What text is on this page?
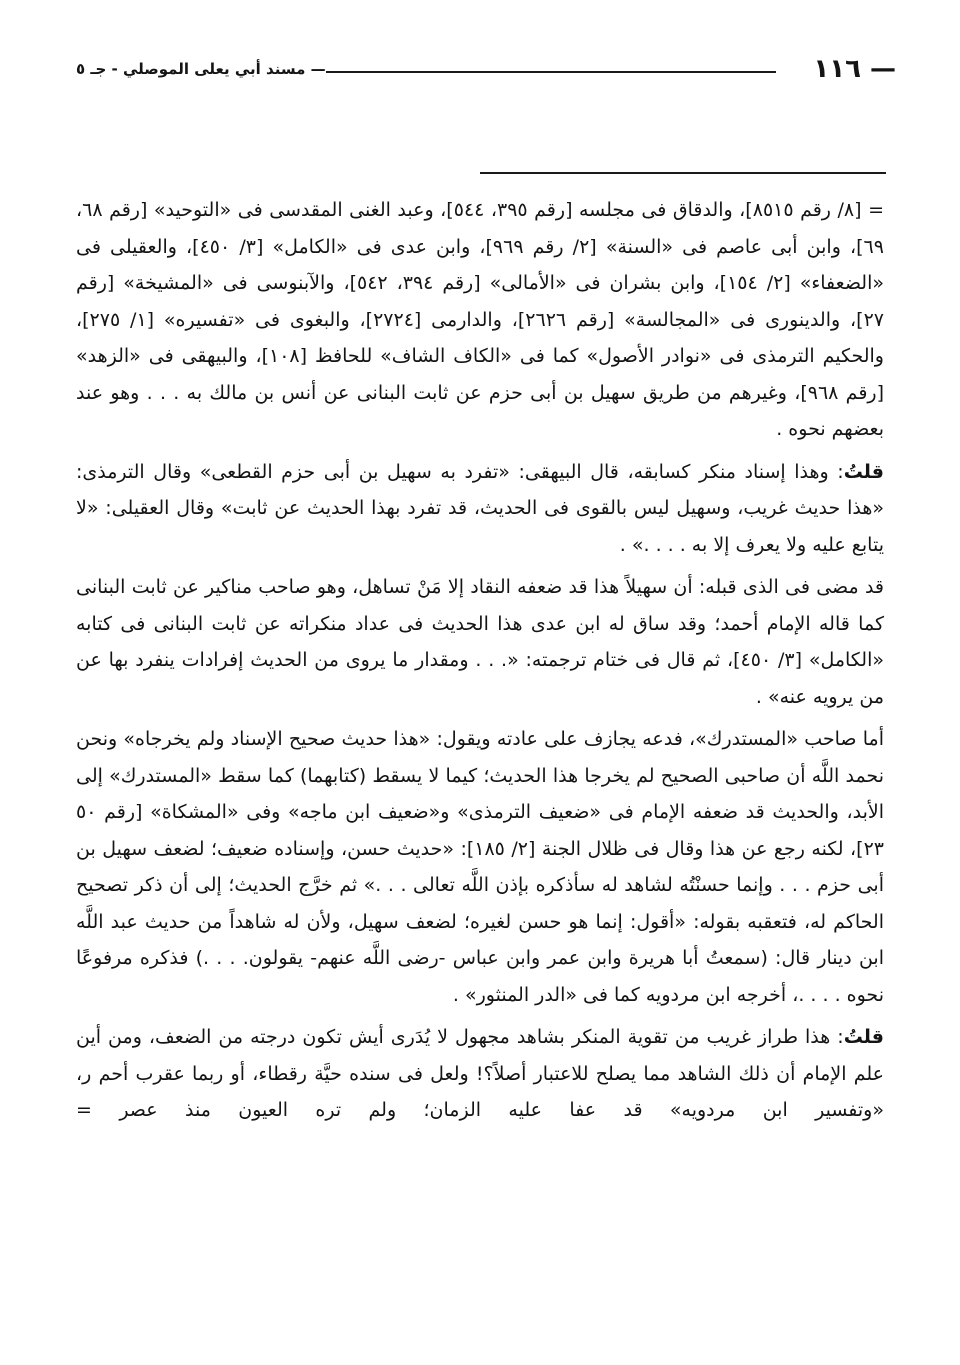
مسند أبي يعلى الموصلي - جـ ٥ —	١١٦ —

= [٨/ رقم ٨٥١٥]، والدقاق فى مجلسه [رقم ٣٩٥، ٥٤٤]، وعبد الغنى المقدسى فى «التوحيد» [رقم ٦٨، ٦٩]، وابن أبى عاصم فى «السنة» [٢/ رقم ٩٦٩]، وابن عدى فى «الكامل» [٣/ ٤٥٠]، والعقيلى فى «الضعفاء» [٢/ ١٥٤]، وابن بشران فى «الأمالى» [رقم ٣٩٤، ٥٤٢]، والآبنوسى فى «المشيخة» [رقم ٢٧]، والدينورى فى «المجالسة» [رقم ٢٦٢٦]، والدارمى [٢٧٢٤]، والبغوى فى «تفسيره» [١/ ٢٧٥]، والحكيم الترمذى فى «نوادر الأصول» كما فى «الكاف الشاف» للحافظ [١٠٨]، والبيهقى فى «الزهد» [رقم ٩٦٨]، وغيرهم من طريق سهيل بن أبى حزم عن ثابت البنانى عن أنس بن مالك به . . . وهو عند بعضهم نحوه .

قلتُ: وهذا إسناد منكر كسابقه، قال البيهقى: «تفرد به سهيل بن أبى حزم القطعى» وقال الترمذى: «هذا حديث غريب، وسهيل ليس بالقوى فى الحديث، قد تفرد بهذا الحديث عن ثابت» وقال العقيلى: «لا يتابع عليه ولا يعرف إلا به . . . .» .

قد مضى فى الذى قبله: أن سهيلاً هذا قد ضعفه النقاد إلا مَنْ تساهل، وهو صاحب مناكير عن ثابت البنانى كما قاله الإمام أحمد؛ وقد ساق له ابن عدى هذا الحديث فى عداد منكراته عن ثابت البنانى فى كتابه «الكامل» [٣/ ٤٥٠]، ثم قال فى ختام ترجمته: «. . . ومقدار ما يروى من الحديث إفرادات ينفرد بها عن من يرويه عنه» .

أما صاحب «المستدرك»، فدعه يجازف على عادته ويقول: «هذا حديث صحيح الإسناد ولم يخرجاه» ونحن نحمد اللَّه أن صاحبى الصحيح لم يخرجا هذا الحديث؛ كيما لا يسقط (كتابهما) كما سقط «المستدرك» إلى الأبد، والحديث قد ضعفه الإمام فى «ضعيف الترمذى» و«ضعيف ابن ماجه» وفى «المشكاة» [رقم ٥٠ ٢٣]، لكنه رجع عن هذا وقال فى ظلال الجنة [٢/ ١٨٥]: «حديث حسن، وإسناده ضعيف؛ لضعف سهيل بن أبى حزم . . . وإنما حسنْتُه لشاهد له سأذكره بإذن اللَّه تعالى . . .» ثم خرَّج الحديث؛ إلى أن ذكر تصحيح الحاكم له، فتعقبه بقوله: «أقول: إنما هو حسن لغيره؛ لضعف سهيل، ولأن له شاهداً من حديث عبد اللَّه ابن دينار قال: (سمعتُ أبا هريرة وابن عمر وابن عباس -رضى اللَّه عنهم- يقولون. . . .) فذكره مرفوعًا نحوه . . . .، أخرجه ابن مردويه كما فى «الدر المنثور» .

قلتُ: هذا طراز غريب من تقوية المنكر بشاهد مجهول لا يُدَرى أيش تكون درجته من الضعف، ومن أين علم الإمام أن ذلك الشاهد مما يصلح للاعتبار أصلاً؟! ولعل فى سنده حيَّة رقطاء، أو ربما عقرب أحم ر، «وتفسير ابن مردويه» قد عفا عليه الزمان؛ ولم تره العيون منذ عصر =
